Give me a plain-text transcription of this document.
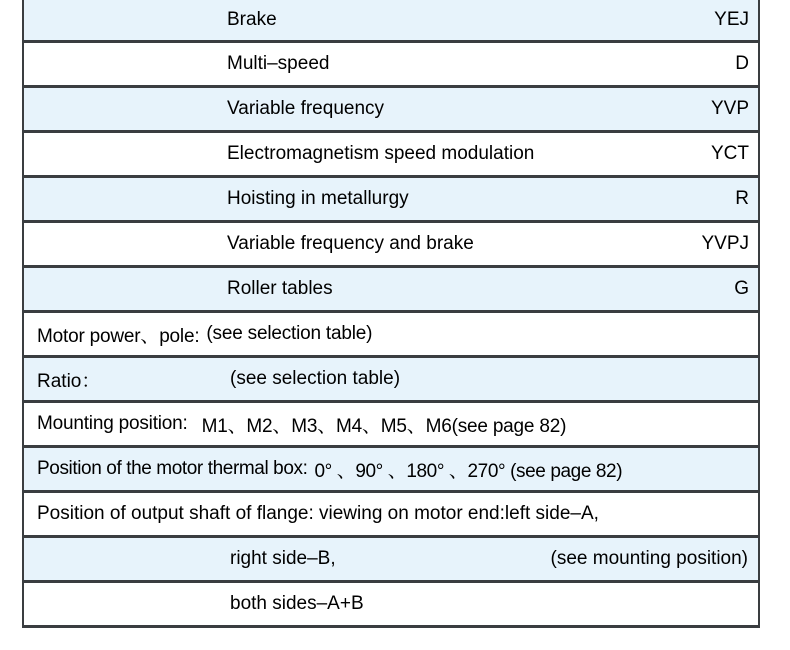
Brake	YEJ
Multi–speed	D
Variable frequency	YVP
Electromagnetism speed modulation	YCT
Hoisting in metallurgy	R
Variable frequency and brake	YVPJ
Roller tables	G
Motor power、pole: (see selection table)
Ratio：	(see selection table)
Mounting position: M1、M2、M3、M4、M5、M6(see page 82)
Position of the motor thermal box: 0° 、90° 、180° 、270° (see page 82)
Position of output shaft of flange: viewing on motor end:left side–A,
right side–B,	(see mounting position)
both sides–A+B
